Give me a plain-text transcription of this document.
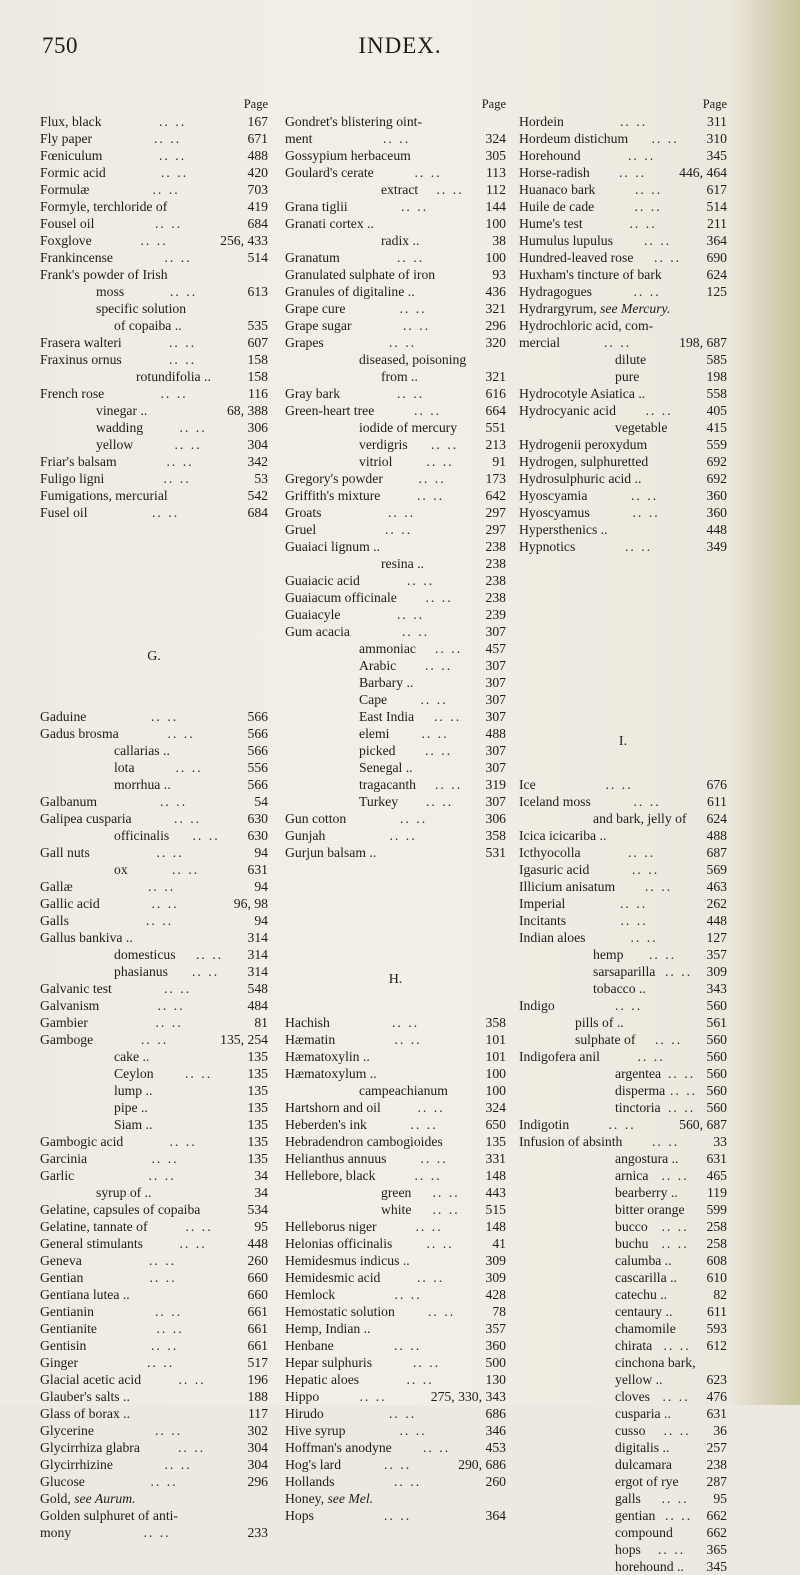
750	INDEX.
Page
Flux, black	167
.. ..
Fly paper	671
.. ..
Fœniculum	488
.. ..
Formic acid	420
.. ..
Formulæ	703
.. ..
Formyle, terchloride of	419
Fousel oil	684
.. ..
Foxglove	256, 433
.. ..
Frankincense	514
.. ..
Frank's powder of Irish
moss	613
.. ..
specific solution
of copaiba ..	535
Frasera walteri	607
.. ..
Fraxinus ornus	158
.. ..
rotundifolia ..	158
French rose	116
.. ..
vinegar ..	68, 388
wadding	306
.. ..
yellow	304
.. ..
Friar's balsam	342
.. ..
Fuligo ligni	53
.. ..
Fumigations, mercurial	542
Fusel oil	684
.. ..
G.
Gaduine	566
.. ..
Gadus brosma	566
.. ..
callarias ..	566
lota	556
.. ..
morrhua ..	566
Galbanum	54
.. ..
Galipea cusparia	630
.. ..
officinalis	630
.. ..
Gall nuts	94
.. ..
ox	631
.. ..
Gallæ	94
.. ..
Gallic acid	96, 98
.. ..
Galls	94
.. ..
Gallus bankiva ..	314
domesticus	314
.. ..
phasianus	314
.. ..
Galvanic test	548
.. ..
Galvanism	484
.. ..
Gambier	81
.. ..
Gamboge	135, 254
.. ..
cake ..	135
Ceylon	135
.. ..
lump ..	135
pipe ..	135
Siam ..	135
Gambogic acid	135
.. ..
Garcinia	135
.. ..
Garlic	34
.. ..
syrup of ..	34
Gelatine, capsules of copaiba	534
Gelatine, tannate of	95
.. ..
General stimulants	448
.. ..
Geneva	260
.. ..
Gentian	660
.. ..
Gentiana lutea ..	660
Gentianin	661
.. ..
Gentianite	661
.. ..
Gentisin	661
.. ..
Ginger	517
.. ..
Glacial acetic acid	196
.. ..
Glauber's salts ..	188
Glass of borax ..	117
Glycerine	302
.. ..
Glycirrhiza glabra	304
.. ..
Glycirrhizine	304
.. ..
Glucose	296
.. ..
Gold, see Aurum.
Golden sulphuret of anti-
mony	233
.. ..
Page
Gondret's blistering oint-
ment	324
.. ..
Gossypium herbaceum	305
Goulard's cerate	113
.. ..
extract	112
.. ..
Grana tiglii	144
.. ..
Granati cortex ..	100
radix ..	38
Granatum	100
.. ..
Granulated sulphate of iron	93
Granules of digitaline ..	436
Grape cure	321
.. ..
Grape sugar	296
.. ..
Grapes	320
.. ..
diseased, poisoning
from ..	321
Gray bark	616
.. ..
Green-heart tree	664
.. ..
iodide of mercury 551
verdigris	213
.. ..
vitriol	91
.. ..
Gregory's powder	173
.. ..
Griffith's mixture	642
.. ..
Groats	297
.. ..
Gruel	297
.. ..
Guaiaci lignum ..	238
resina ..	238
Guaiacic acid	238
.. ..
Guaiacum officinale	238
.. ..
Guaiacyle	239
.. ..
Gum acacia	307
.. ..
ammoniac	457
.. ..
Arabic	307
.. ..
Barbary ..	307
Cape	307
.. ..
East India	307
.. ..
elemi	488
.. ..
picked	307
.. ..
Senegal ..	307
tragacanth	319
.. ..
Turkey	307
.. ..
Gun cotton	306
.. ..
Gunjah	358
.. ..
Gurjun balsam ..	531
H.
Hachish	358
.. ..
Hæmatin	101
.. ..
Hæmatoxylin ..	101
Hæmatoxylum ..	100
campeachianum	100
Hartshorn and oil	324
.. ..
Heberden's ink	650
.. ..
Hebradendron cambogioides	135
Helianthus annuus	331
.. ..
Hellebore, black	148
.. ..
green	443
.. ..
white	515
.. ..
Helleborus niger	148
.. ..
Helonias officinalis	41
.. ..
Hemidesmus indicus ..	309
Hemidesmic acid	309
.. ..
Hemlock	428
.. ..
Hemostatic solution	78
.. ..
Hemp, Indian ..	357
Henbane	360
.. ..
Hepar sulphuris	500
.. ..
Hepatic aloes	130
.. ..
Hippo	275, 330, 343
.. ..
Hirudo	686
.. ..
Hive syrup	346
.. ..
Hoffman's anodyne	453
.. ..
Hog's lard	290, 686
.. ..
Hollands	260
.. ..
Honey, see Mel.
Hops	364
.. ..
Page
Hordein	311
.. ..
Hordeum distichum	310
.. ..
Horehound	345
.. ..
Horse-radish	446, 464
.. ..
Huanaco bark	617
.. ..
Huile de cade	514
.. ..
Hume's test	211
.. ..
Humulus lupulus	364
.. ..
Hundred-leaved rose	690
.. ..
Huxham's tincture of bark	624
Hydragogues	125
.. ..
Hydrargyrum, see Mercury.
Hydrochloric acid, com-
mercial	198, 687
.. ..
dilute	585
pure	198
Hydrocotyle Asiatica ..	558
Hydrocyanic acid	405
.. ..
vegetable	415
Hydrogenii peroxydum	559
Hydrogen, sulphuretted	692
Hydrosulphuric acid ..	692
Hyoscyamia	360
.. ..
Hyoscyamus	360
.. ..
Hypersthenics ..	448
Hypnotics	349
.. ..
I.
Ice	676
.. ..
Iceland moss	611
.. ..
and bark, jelly of 624
Icica icicariba ..	488
Icthyocolla	687
.. ..
Igasuric acid	569
.. ..
Illicium anisatum	463
.. ..
Imperial	262
.. ..
Incitants	448
.. ..
Indian aloes	127
.. ..
hemp	357
.. ..
sarsaparilla	309
.. ..
tobacco ..	343
Indigo	560
.. ..
pills of ..	561
sulphate of	560
.. ..
Indigofera anil	560
.. ..
argentea	560
.. ..
disperma	560
.. ..
tinctoria	560
.. ..
Indigotin	560, 687
.. ..
Infusion of absinth	33
.. ..
angostura .. 631
arnica	465
.. ..
bearberry .. 119
bitter orange 599
bucco	258
.. ..
buchu	258
.. ..
calumba ..	608
cascarilla .. 610
catechu ..	82
centaury ..	611
chamomile 593
chirata	612
.. ..
cinchona bark,
yellow ..	623
cloves	476
.. ..
cusparia ..	631
cusso	36
.. ..
digitalis ..	257
dulcamara	238
ergot of rye 287
galls	95
.. ..
gentian	662
.. ..
compound 662
hops	365
.. ..
horehound .. 345
